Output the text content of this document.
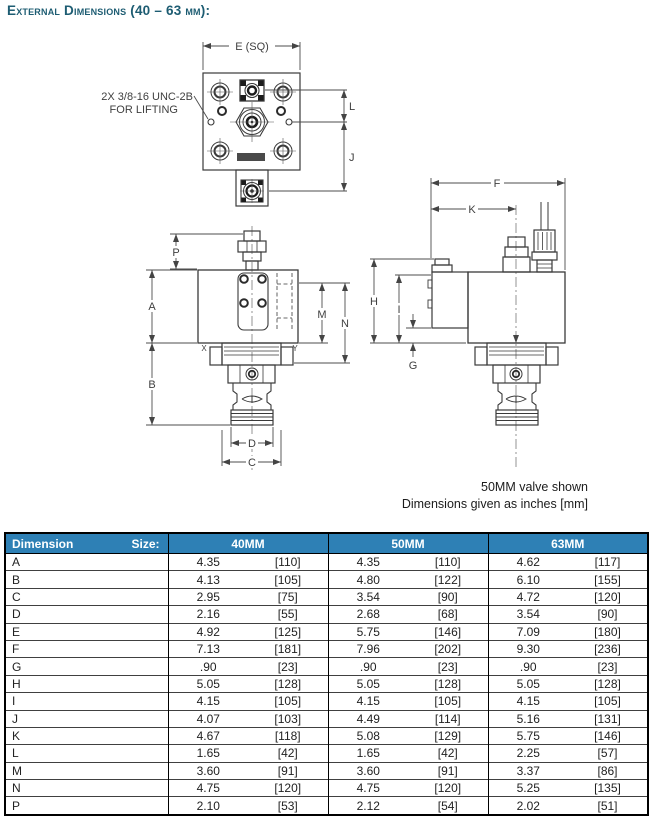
External Dimensions (40 – 63 mm):
E (SQ)
L
J
2X 3/8-16 UNC-2B
FOR LIFTING
P
A
B
M
N
D
C
X	Y
F
K
H
I
G
50MM valve shown
Dimensions given as inches [mm]
Dimension Size:	40MM		50MM		63MM	
A	4.35	[110]	4.35	[110]	4.62	[117]
B	4.13	[105]	4.80	[122]	6.10	[155]
C	2.95	[75]	3.54	[90]	4.72	[120]
D	2.16	[55]	2.68	[68]	3.54	[90]
E	4.92	[125]	5.75	[146]	7.09	[180]
F	7.13	[181]	7.96	[202]	9.30	[236]
G	.90	[23]	.90	[23]	.90	[23]
H	5.05	[128]	5.05	[128]	5.05	[128]
I	4.15	[105]	4.15	[105]	4.15	[105]
J	4.07	[103]	4.49	[114]	5.16	[131]
K	4.67	[118]	5.08	[129]	5.75	[146]
L	1.65	[42]	1.65	[42]	2.25	[57]
M	3.60	[91]	3.60	[91]	3.37	[86]
N	4.75	[120]	4.75	[120]	5.25	[135]
P	2.10	[53]	2.12	[54]	2.02	[51]
